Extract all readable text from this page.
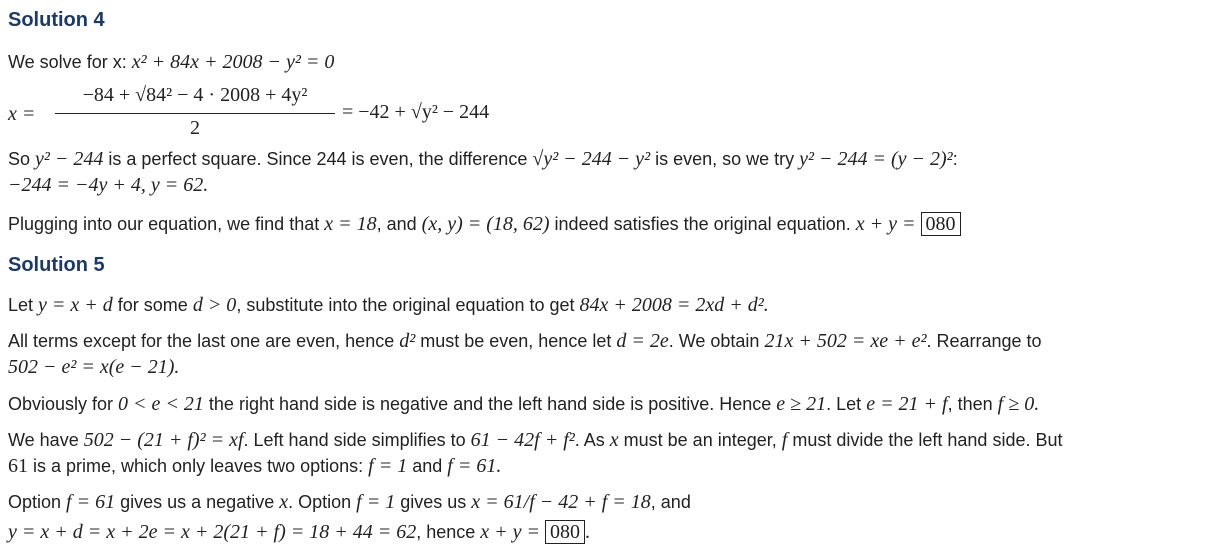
Solution 4
We solve for x: x² + 84x + 2008 − y² = 0
x =
−84 + √84² − 4 · 2008 + 4y²
2
= −42 + √y² − 244
So y² − 244 is a perfect square. Since 244 is even, the difference √y² − 244 − y² is even, so we try y² − 244 = (y − 2)²:
−244 = −4y + 4, y = 62.
Plugging into our equation, we find that x = 18, and (x, y) = (18, 62) indeed satisfies the original equation. x + y = 080
Solution 5
Let y = x + d for some d > 0, substitute into the original equation to get 84x + 2008 = 2xd + d².
All terms except for the last one are even, hence d² must be even, hence let d = 2e. We obtain 21x + 502 = xe + e². Rearrange to
502 − e² = x(e − 21).
Obviously for 0 < e < 21 the right hand side is negative and the left hand side is positive. Hence e ≥ 21. Let e = 21 + f, then f ≥ 0.
We have 502 − (21 + f)² = xf. Left hand side simplifies to 61 − 42f + f². As x must be an integer, f must divide the left hand side. But
61 is a prime, which only leaves two options: f = 1 and f = 61.
Option f = 61 gives us a negative x. Option f = 1 gives us x = 61/f − 42 + f = 18, and
y = x + d = x + 2e = x + 2(21 + f) = 18 + 44 = 62, hence x + y = 080 .
